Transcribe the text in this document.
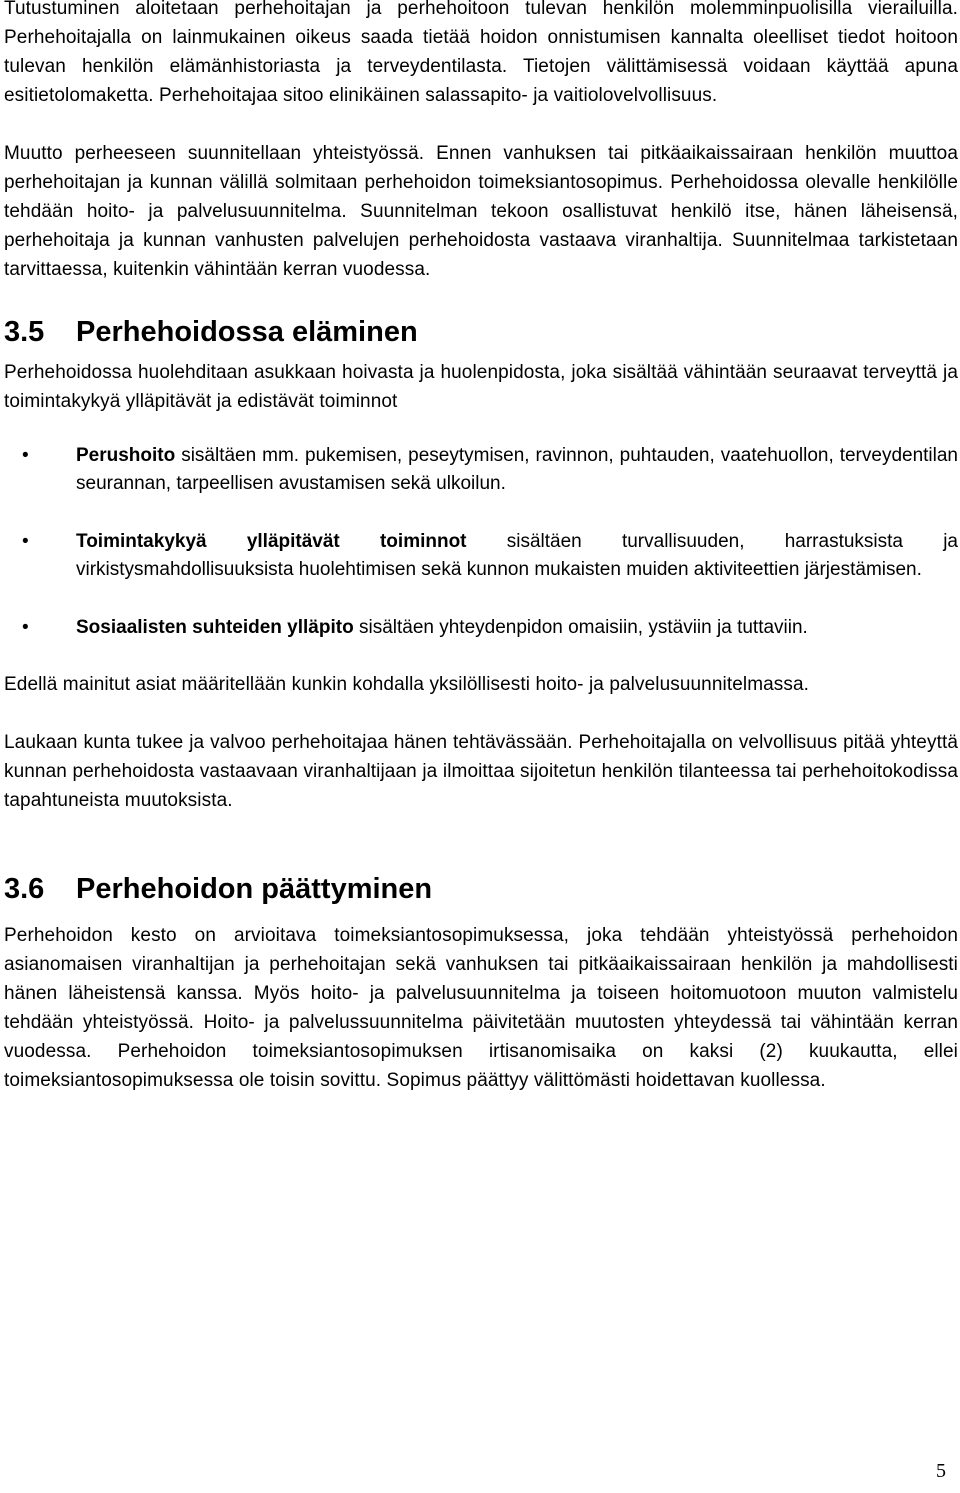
Tutustuminen aloitetaan perhehoitajan ja perhehoitoon tulevan henkilön molemminpuolisilla vierailuilla. Perhehoitajalla on lainmukainen oikeus saada tietää hoidon onnistumisen kannalta oleelliset tiedot hoitoon tulevan henkilön elämänhistoriasta ja terveydentilasta. Tietojen välittämisessä voidaan käyttää apuna esitietolomaketta. Perhehoitajaa sitoo elinikäinen salassapito- ja vaitiolovelvollisuus.

Muutto perheeseen suunnitellaan yhteistyössä. Ennen vanhuksen tai pitkäaikaissairaan henkilön muuttoa perhehoitajan ja kunnan välillä solmitaan perhehoidon toimeksiantosopimus. Perhehoidossa olevalle henkilölle tehdään hoito- ja palvelusuunnitelma. Suunnitelman tekoon osallistuvat henkilö itse, hänen läheisensä, perhehoitaja ja kunnan vanhusten palvelujen perhehoidosta vastaava viranhaltija. Suunnitelmaa tarkistetaan tarvittaessa, kuitenkin vähintään kerran vuodessa.

3.5	Perhehoidossa eläminen

Perhehoidossa huolehditaan asukkaan hoivasta ja huolenpidosta, joka sisältää vähintään seuraavat terveyttä ja toimintakykyä ylläpitävät ja edistävät toiminnot

• Perushoito sisältäen mm. pukemisen, peseytymisen, ravinnon, puhtauden, vaatehuollon, terveydentilan seurannan, tarpeellisen avustamisen sekä ulkoilun.
• Toimintakykyä ylläpitävät toiminnot sisältäen turvallisuuden, harrastuksista ja virkistysmahdollisuuksista huolehtimisen sekä kunnon mukaisten muiden aktiviteettien järjestämisen.
• Sosiaalisten suhteiden ylläpito sisältäen yhteydenpidon omaisiin, ystäviin ja tuttaviin.

Edellä mainitut asiat määritellään kunkin kohdalla yksilöllisesti hoito- ja palvelusuunnitelmassa.

Laukaan kunta tukee ja valvoo perhehoitajaa hänen tehtävässään. Perhehoitajalla on velvollisuus pitää yhteyttä kunnan perhehoidosta vastaavaan viranhaltijaan ja ilmoittaa sijoitetun henkilön tilanteessa tai perhehoitokodissa tapahtuneista muutoksista.

3.6	Perhehoidon päättyminen

Perhehoidon kesto on arvioitava toimeksiantosopimuksessa, joka tehdään yhteistyössä perhehoidon asianomaisen viranhaltijan ja perhehoitajan sekä vanhuksen tai pitkäaikaissairaan henkilön ja mahdollisesti hänen läheistensä kanssa. Myös hoito- ja palvelusuunnitelma ja toiseen hoitomuotoon muuton valmistelu tehdään yhteistyössä. Hoito- ja palvelussuunnitelma päivitetään muutosten yhteydessä tai vähintään kerran vuodessa. Perhehoidon toimeksiantosopimuksen irtisanomisaika on kaksi (2) kuukautta, ellei toimeksiantosopimuksessa ole toisin sovittu. Sopimus päättyy välittömästi hoidettavan kuollessa.

5
